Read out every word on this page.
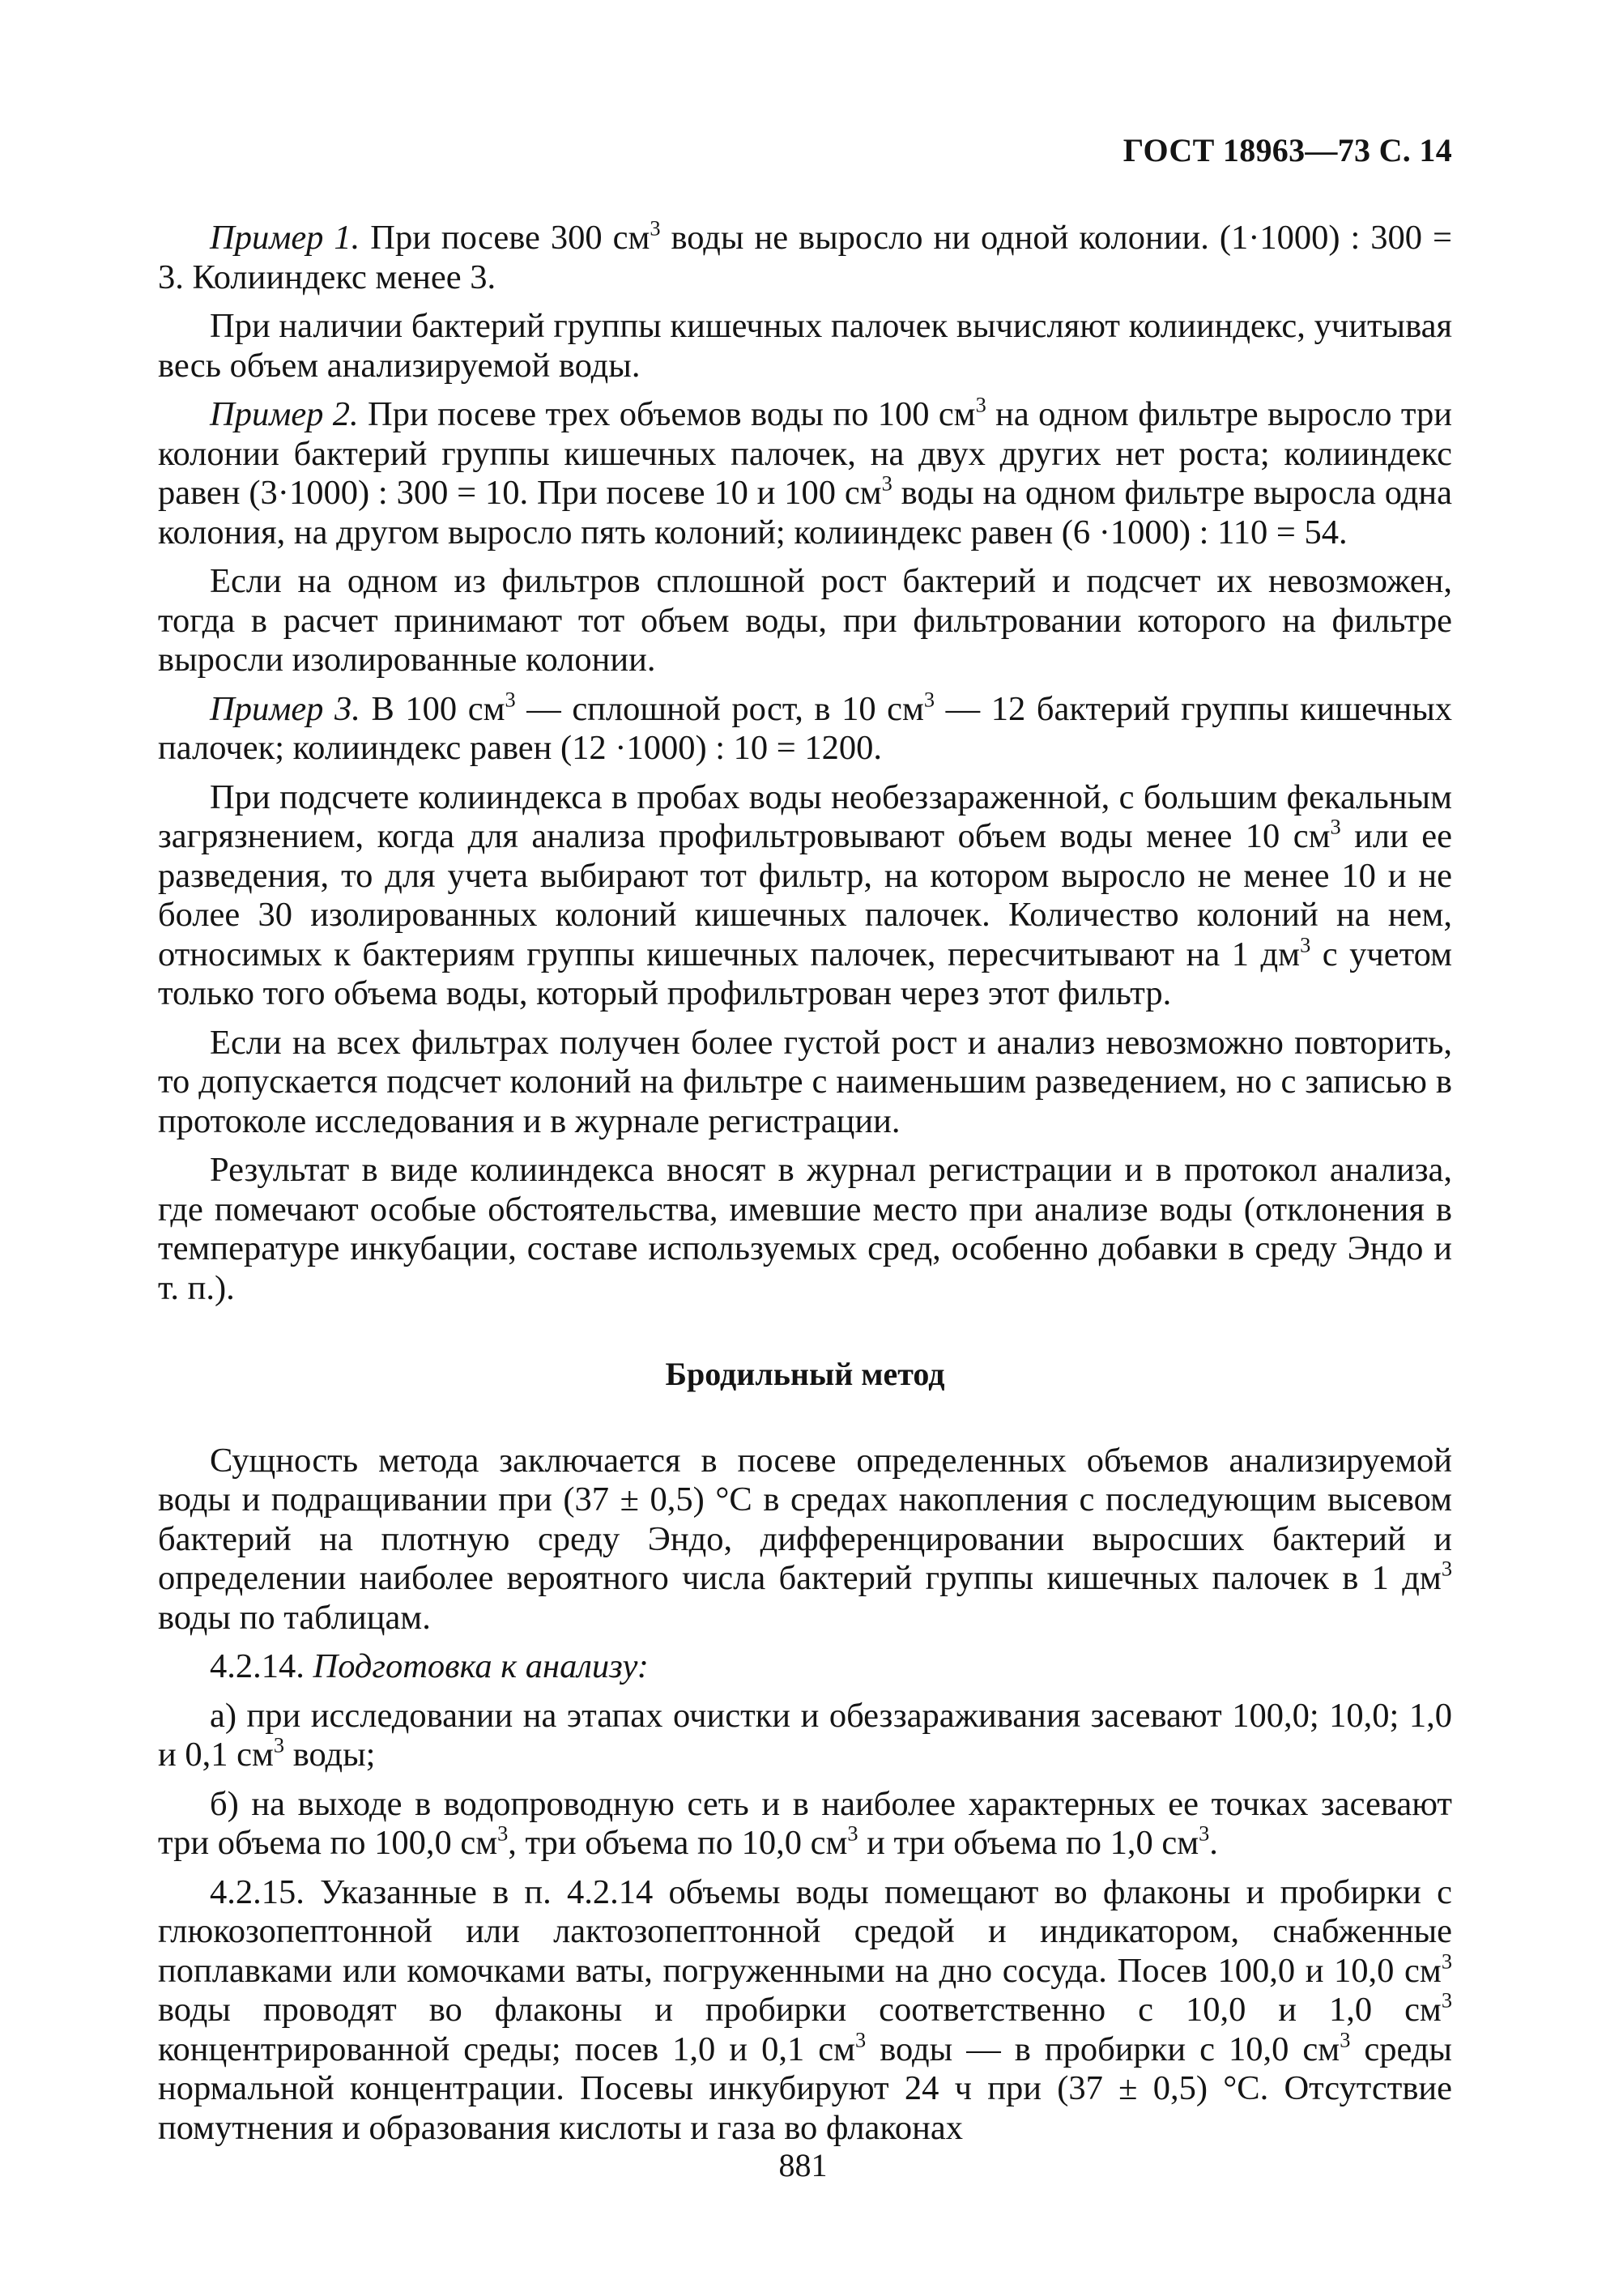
ГОСТ 18963—73 С. 14

Пример 1. При посеве 300 $см^3$ воды не выросло ни одной колонии. (1·1000) : 300 = 3. Колииндекс менее 3.

При наличии бактерий группы кишечных палочек вычисляют колииндекс, учитывая весь объем анализируемой воды.

Пример 2. При посеве трех объемов воды по 100 $см^3$ на одном фильтре выросло три колонии бактерий группы кишечных палочек, на двух других нет роста; колииндекс равен (3·1000) : 300 = 10. При посеве 10 и 100 $см^3$ воды на одном фильтре выросла одна колония, на другом выросло пять колоний; колииндекс равен (6 ·1000) : 110 = 54.

Если на одном из фильтров сплошной рост бактерий и подсчет их невозможен, тогда в расчет принимают тот объем воды, при фильтровании которого на фильтре выросли изолированные колонии.

Пример 3. В 100 $см^3$ — сплошной рост, в 10 $см^3$ — 12 бактерий группы кишечных палочек; колииндекс равен (12 ·1000) : 10 = 1200.

При подсчете колииндекса в пробах воды необеззараженной, с большим фекальным загрязнением, когда для анализа профильтровывают объем воды менее 10 $см^3$ или ее разведения, то для учета выбирают тот фильтр, на котором выросло не менее 10 и не более 30 изолированных колоний кишечных палочек. Количество колоний на нем, относимых к бактериям группы кишечных палочек, пересчитывают на 1 $дм^3$ с учетом только того объема воды, который профильтрован через этот фильтр.

Если на всех фильтрах получен более густой рост и анализ невозможно повторить, то допускается подсчет колоний на фильтре с наименьшим разведением, но с записью в протоколе исследования и в журнале регистрации.

Результат в виде колииндекса вносят в журнал регистрации и в протокол анализа, где помечают особые обстоятельства, имевшие место при анализе воды (отклонения в температуре инкубации, составе используемых сред, особенно добавки в среду Эндо и т. п.).

Бродильный метод

Сущность метода заключается в посеве определенных объемов анализируемой воды и подращивании при (37 ± 0,5) °С в средах накопления с последующим высевом бактерий на плотную среду Эндо, дифференцировании выросших бактерий и определении наиболее вероятного числа бактерий группы кишечных палочек в 1 $дм^3$ воды по таблицам.

4.2.14. Подготовка к анализу:

а) при исследовании на этапах очистки и обеззараживания засевают 100,0; 10,0; 1,0 и 0,1 $см^3$ воды;

б) на выходе в водопроводную сеть и в наиболее характерных ее точках засевают три объема по 100,0 $см^3$, три объема по 10,0 $см^3$ и три объема по 1,0 $см^3$.

4.2.15. Указанные в п. 4.2.14 объемы воды помещают во флаконы и пробирки с глюкозопептонной или лактозопептонной средой и индикатором, снабженные поплавками или комочками ваты, погруженными на дно сосуда. Посев 100,0 и 10,0 $см^3$ воды проводят во флаконы и пробирки соответственно с 10,0 и 1,0 $см^3$ концентрированной среды; посев 1,0 и 0,1 $см^3$ воды — в пробирки с 10,0 $см^3$ среды нормальной концентрации. Посевы инкубируют 24 ч при (37 ± 0,5) °С. Отсутствие помутнения и образования кислоты и газа во флаконах

881
